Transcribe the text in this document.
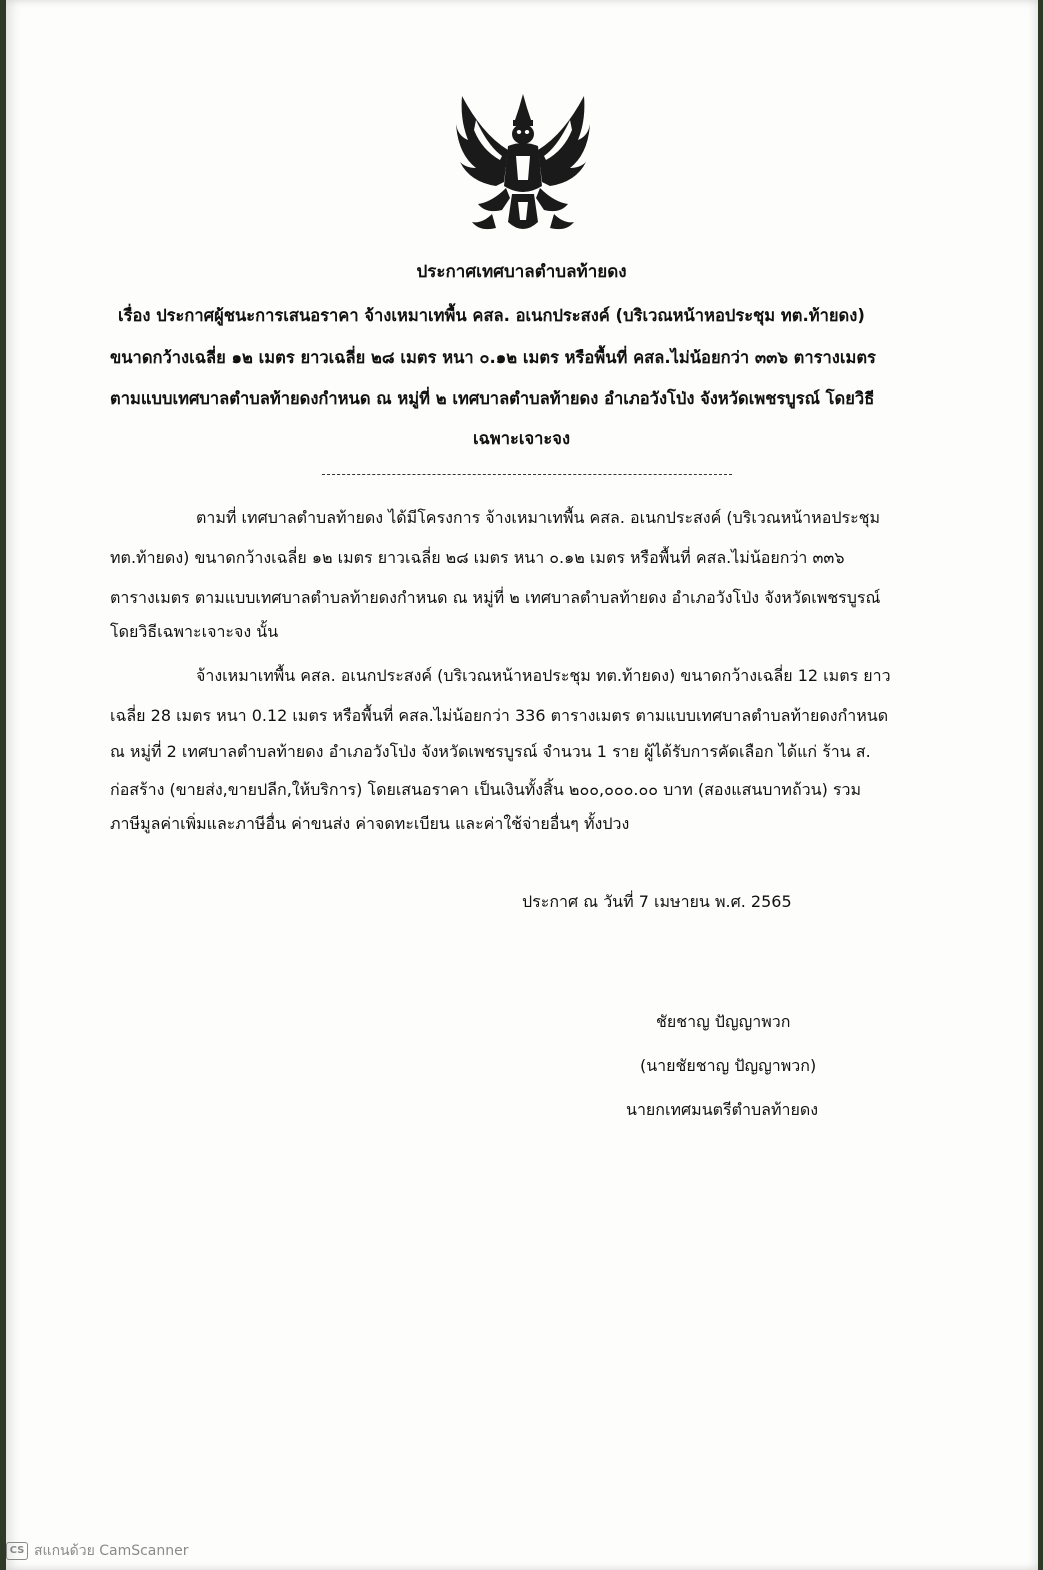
ประกาศเทศบาลตำบลท้ายดง
เรื่อง ประกาศผู้ชนะการเสนอราคา จ้างเหมาเทพื้น คสล. อเนกประสงค์ (บริเวณหน้าหอประชุม ทต.ท้ายดง)
ขนาดกว้างเฉลี่ย ๑๒ เมตร ยาวเฉลี่ย ๒๘ เมตร หนา ๐.๑๒ เมตร หรือพื้นที่ คสล.ไม่น้อยกว่า ๓๓๖ ตารางเมตร
ตามแบบเทศบาลตำบลท้ายดงกำหนด ณ หมู่ที่ ๒ เทศบาลตำบลท้ายดง อำเภอวังโป่ง จังหวัดเพชรบูรณ์ โดยวิธี
เฉพาะเจาะจง
ตามที่ เทศบาลตำบลท้ายดง ได้มีโครงการ จ้างเหมาเทพื้น คสล. อเนกประสงค์ (บริเวณหน้าหอประชุม
ทต.ท้ายดง) ขนาดกว้างเฉลี่ย ๑๒ เมตร ยาวเฉลี่ย ๒๘ เมตร หนา ๐.๑๒ เมตร หรือพื้นที่ คสล.ไม่น้อยกว่า ๓๓๖
ตารางเมตร ตามแบบเทศบาลตำบลท้ายดงกำหนด ณ หมู่ที่ ๒ เทศบาลตำบลท้ายดง อำเภอวังโป่ง จังหวัดเพชรบูรณ์
โดยวิธีเฉพาะเจาะจง นั้น
จ้างเหมาเทพื้น คสล. อเนกประสงค์ (บริเวณหน้าหอประชุม ทต.ท้ายดง) ขนาดกว้างเฉลี่ย 12 เมตร ยาว
เฉลี่ย 28 เมตร หนา 0.12 เมตร หรือพื้นที่ คสล.ไม่น้อยกว่า 336 ตารางเมตร ตามแบบเทศบาลตำบลท้ายดงกำหนด
ณ หมู่ที่ 2 เทศบาลตำบลท้ายดง อำเภอวังโป่ง จังหวัดเพชรบูรณ์ จำนวน 1 ราย ผู้ได้รับการคัดเลือก ได้แก่ ร้าน ส.
ก่อสร้าง (ขายส่ง,ขายปลีก,ให้บริการ) โดยเสนอราคา เป็นเงินทั้งสิ้น ๒๐๐,๐๐๐.๐๐ บาท (สองแสนบาทถ้วน) รวม
ภาษีมูลค่าเพิ่มและภาษีอื่น ค่าขนส่ง ค่าจดทะเบียน และค่าใช้จ่ายอื่นๆ ทั้งปวง
ประกาศ ณ วันที่ 7 เมษายน พ.ศ. 2565
ชัยชาญ ปัญญาพวก
(นายชัยชาญ ปัญญาพวก)
นายกเทศมนตรีตำบลท้ายดง
CS สแกนด้วย CamScanner
